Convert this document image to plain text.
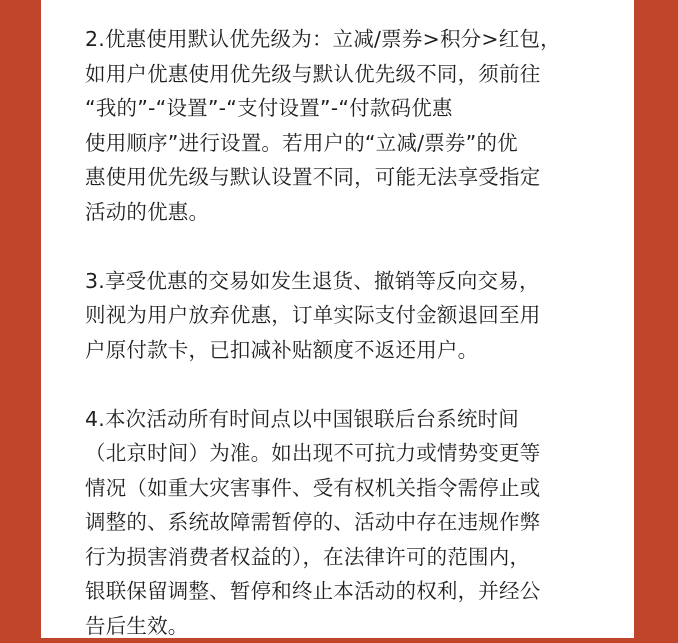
2.优惠使用默认优先级为：立减/票券>积分>红包，
如用户优惠使用优先级与默认优先级不同，须前往
“我的”-“设置”-“支付设置”-“付款码优惠
使用顺序”进行设置。若用户的“立减/票券”的优
惠使用优先级与默认设置不同，可能无法享受指定
活动的优惠。

3.享受优惠的交易如发生退货、撤销等反向交易，
则视为用户放弃优惠，订单实际支付金额退回至用
户原付款卡，已扣减补贴额度不返还用户。

4.本次活动所有时间点以中国银联后台系统时间
（北京时间）为准。如出现不可抗力或情势变更等
情况（如重大灾害事件、受有权机关指令需停止或
调整的、系统故障需暂停的、活动中存在违规作弊
行为损害消费者权益的），在法律许可的范围内，
银联保留调整、暂停和终止本活动的权利，并经公
告后生效。
